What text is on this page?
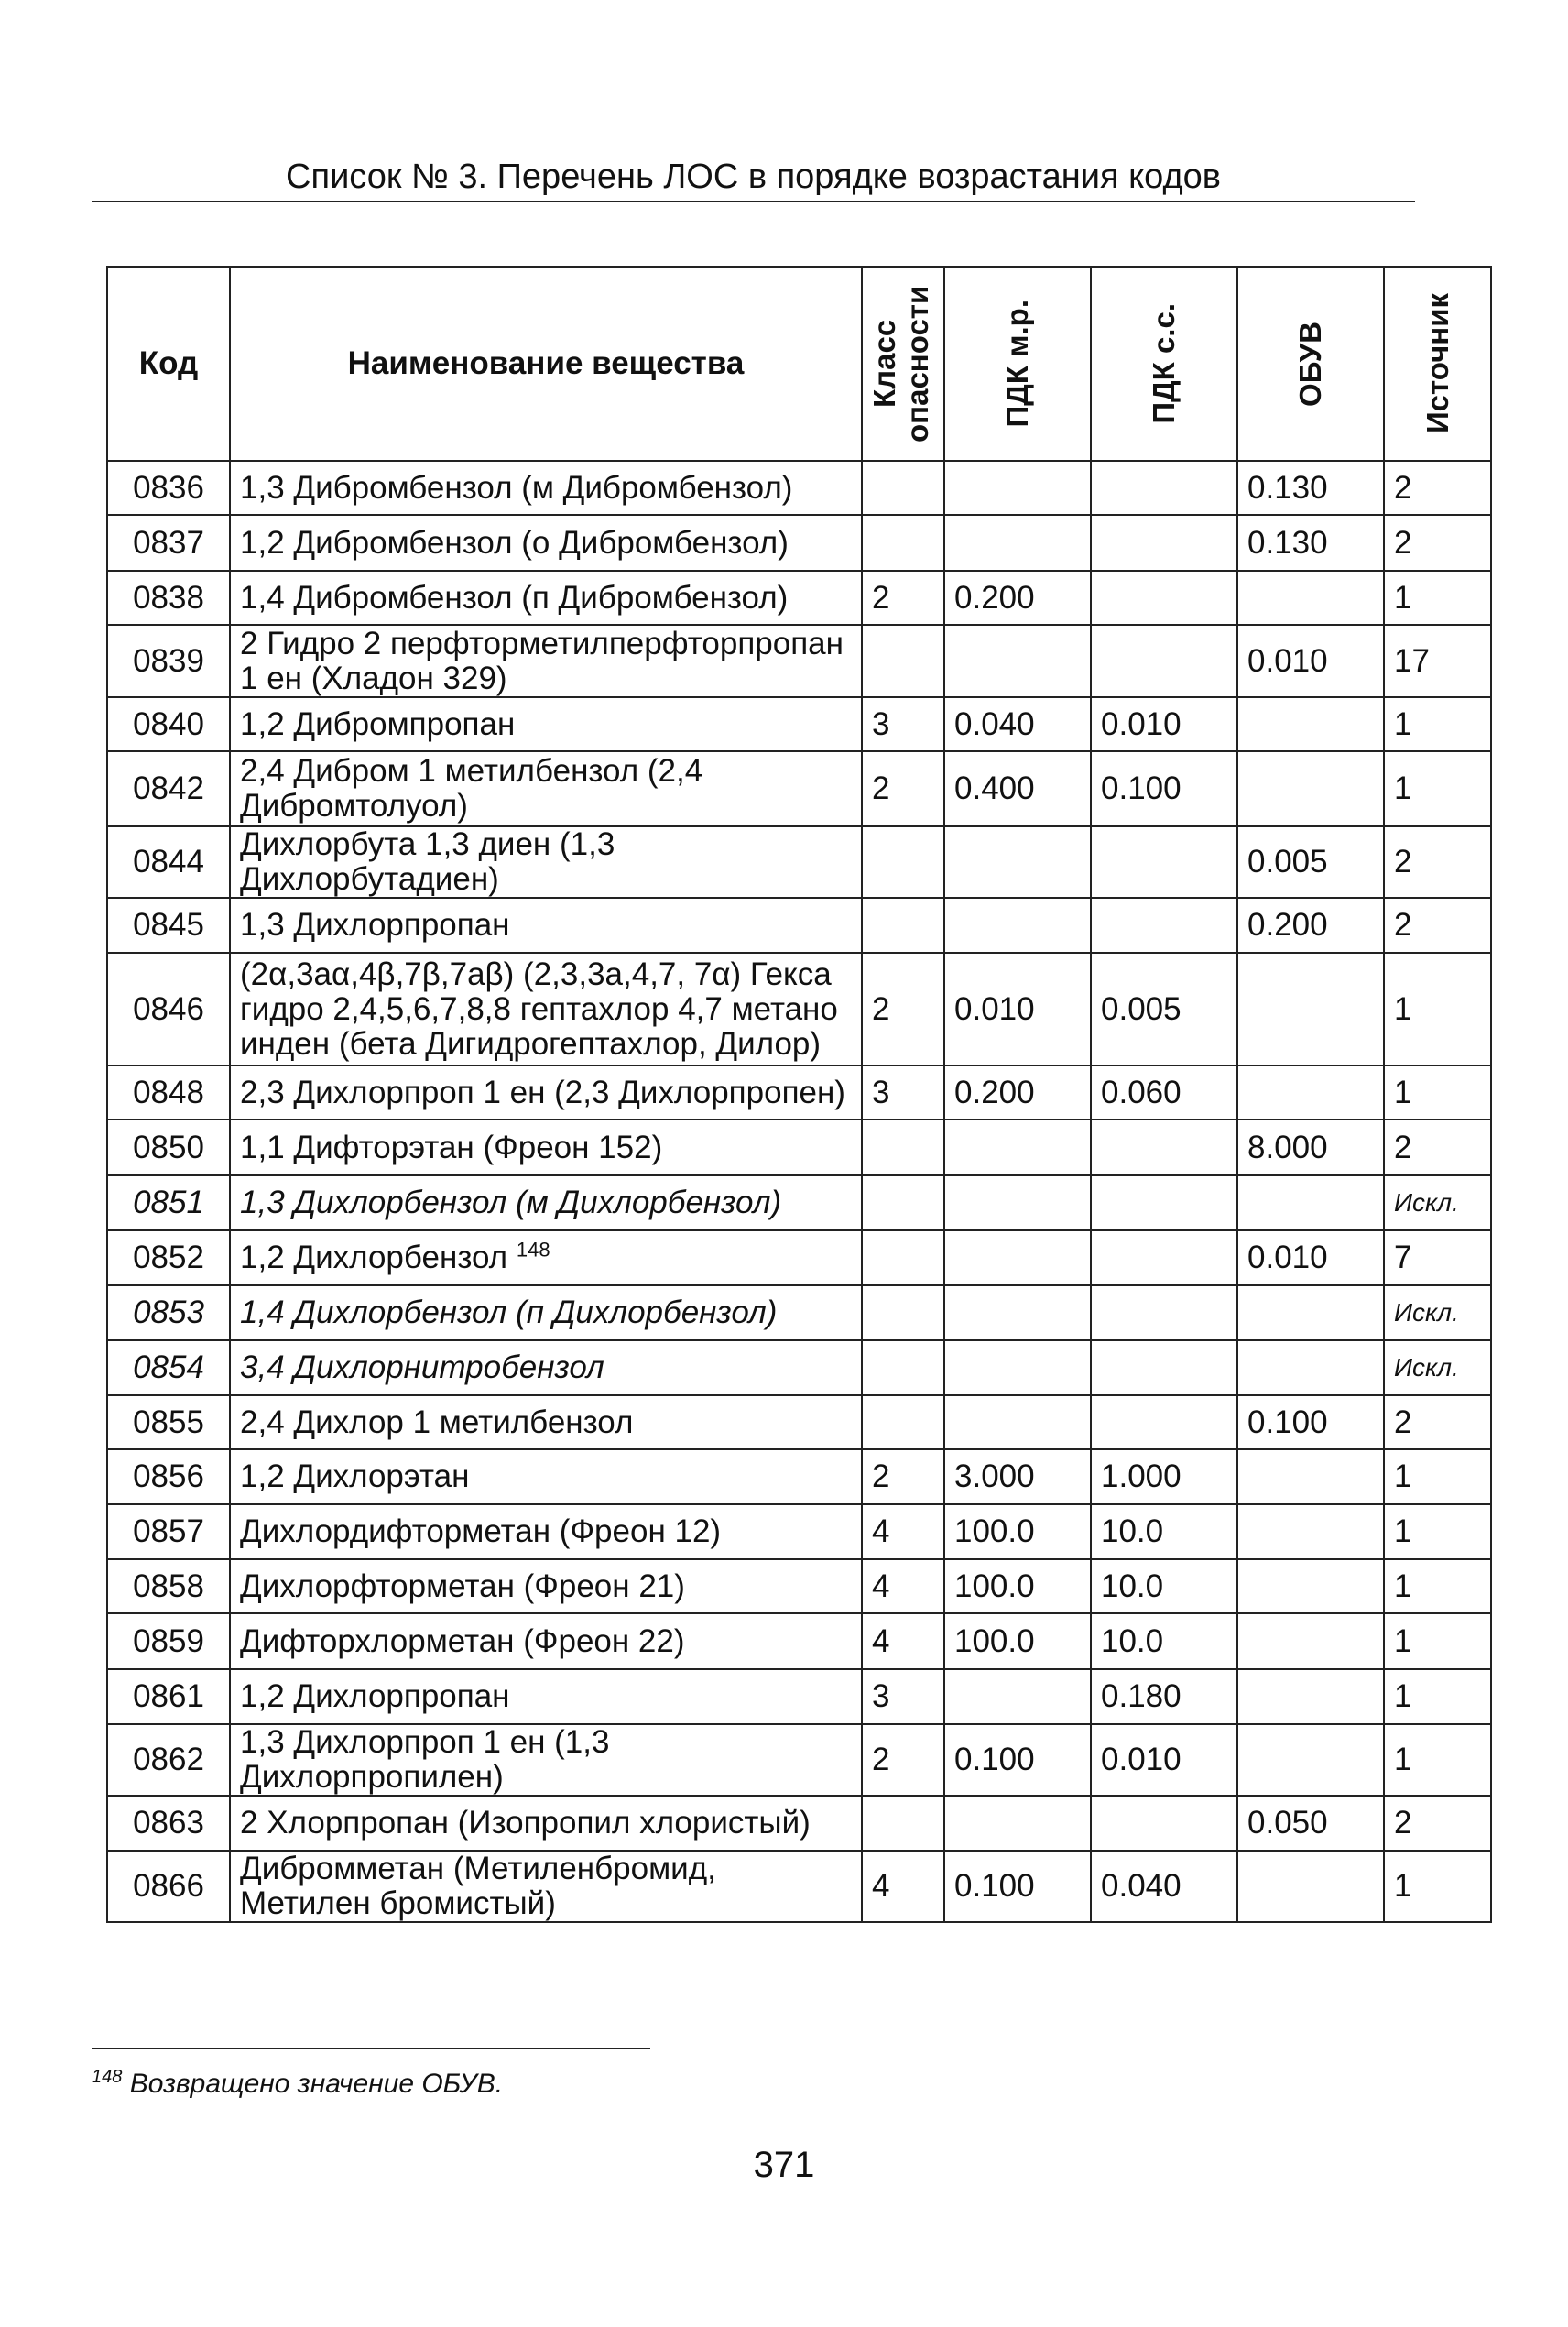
Список № 3. Перечень ЛОС в порядке возрастания кодов
Код	Наименование вещества	Класс опасности	ПДК м.р.	ПДК с.с.	ОБУВ	Источник

0836	1,3 Дибромбензол (м Дибромбензол)				0.130	2
0837	1,2 Дибромбензол (о Дибромбензол)				0.130	2
0838	1,4 Дибромбензол (п Дибромбензол)	2	0.200			1
0839	2 Гидро 2 перфторметилперфторпропан 1 ен (Хладон 329)				0.010	17
0840	1,2 Дибромпропан	3	0.040	0.010		1
0842	2,4 Дибром 1 метилбензол (2,4 Дибромтолуол)	2	0.400	0.100		1
0844	Дихлорбута 1,3 диен (1,3 Дихлорбутадиен)				0.005	2
0845	1,3 Дихлорпропан				0.200	2
0846	(2α,3aα,4β,7β,7aβ) (2,3,3a,4,7, 7α) Гекса гидро 2,4,5,6,7,8,8 гептахлор 4,7 метано инден (бета Дигидрогептахлор, Дилор)	2	0.010	0.005		1
0848	2,3 Дихлорпроп 1 ен (2,3 Дихлорпропен)	3	0.200	0.060		1
0850	1,1 Дифторэтан (Фреон 152)				8.000	2
0851	1,3 Дихлорбензол (м Дихлорбензол)					Искл.
0852	1,2 Дихлорбензол $^{148}$				0.010	7
0853	1,4 Дихлорбензол (п Дихлорбензол)					Искл.
0854	3,4 Дихлорнитробензол					Искл.
0855	2,4 Дихлор 1 метилбензол				0.100	2
0856	1,2 Дихлорэтан	2	3.000	1.000		1
0857	Дихлордифторметан (Фреон 12)	4	100.0	10.0		1
0858	Дихлорфторметан (Фреон 21)	4	100.0	10.0		1
0859	Дифторхлорметан (Фреон 22)	4	100.0	10.0		1
0861	1,2 Дихлорпропан	3		0.180		1
0862	1,3 Дихлорпроп 1 ен (1,3 Дихлорпропилен)	2	0.100	0.010		1
0863	2 Хлорпропан (Изопропил хлористый)				0.050	2
0866	Дибромметан (Метиленбромид, Метилен бромистый)	4	0.100	0.040		1
$^{148}$ Возвращено значение ОБУВ.
371
